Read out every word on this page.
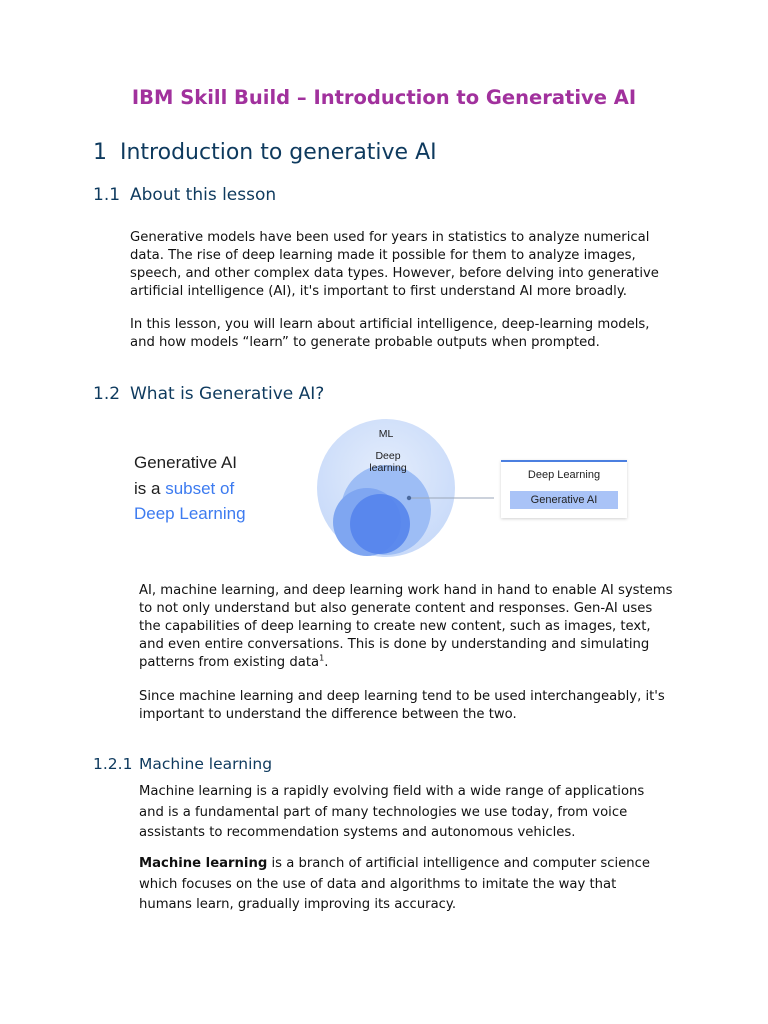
IBM Skill Build – Introduction to Generative AI
1 Introduction to generative AI
1.1 About this lesson

Generative models have been used for years in statistics to analyze numerical data. The rise of deep learning made it possible for them to analyze images, speech, and other complex data types. However, before delving into generative artificial intelligence (AI), it's important to first understand AI more broadly.

In this lesson, you will learn about artificial intelligence, deep-learning models, and how models “learn” to generate probable outputs when prompted.

1.2 What is Generative AI?
Generative AI
is a subset of
Deep Learning
ML
Deep
learning
Deep Learning
Generative AI

AI, machine learning, and deep learning work hand in hand to enable AI systems to not only understand but also generate content and responses. Gen-AI uses the capabilities of deep learning to create new content, such as images, text, and even entire conversations. This is done by understanding and simulating patterns from existing data$^1$.

Since machine learning and deep learning tend to be used interchangeably, it's important to understand the difference between the two.

1.2.1 Machine learning

Machine learning is a rapidly evolving field with a wide range of applications and is a fundamental part of many technologies we use today, from voice assistants to recommendation systems and autonomous vehicles.

Machine learning is a branch of artificial intelligence and computer science which focuses on the use of data and algorithms to imitate the way that humans learn, gradually improving its accuracy.
